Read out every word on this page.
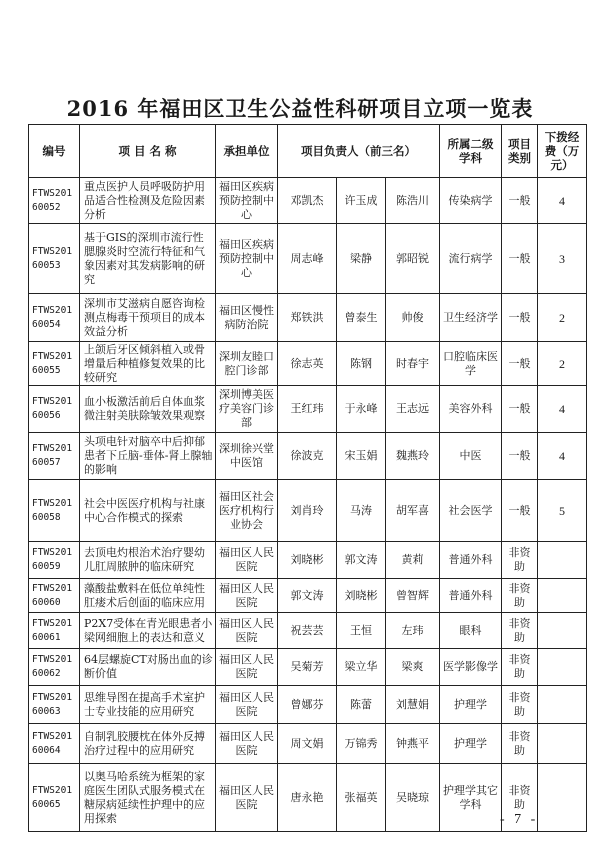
2016 年福田区卫生公益性科研项目立项一览表
编号	项 目 名 称	承担单位	项目负责人（前三名）			所属二级学科	项目类别	下拨经费（万元）

FTWS201
60052	重点医护人员呼吸防护用品适合性检测及危险因素分析	福田区疾病预防控制中心	邓凯杰	许玉成	陈浩川	传染病学	一般	4

FTWS201
60053	基于GIS的深圳市流行性腮腺炎时空流行特征和气象因素对其发病影响的研究	福田区疾病预防控制中心	周志峰	梁静	郭昭锐	流行病学	一般	3

FTWS201
60054	深圳市艾滋病自愿咨询检测点梅毒干预项目的成本效益分析	福田区慢性病防治院	郑铁洪	曾泰生	帅俊	卫生经济学	一般	2

FTWS201
60055	上颌后牙区倾斜植入或骨增量后种植修复效果的比较研究	深圳友睦口腔门诊部	徐志英	陈钢	时春宇	口腔临床医学	一般	2

FTWS201
60056	血小板激活前后自体血浆微注射美肤除皱效果观察	深圳博美医疗美容门诊部	王红玮	于永峰	王志远	美容外科	一般	4

FTWS201
60057	头项电针对脑卒中后抑郁患者下丘脑-垂体-肾上腺轴的影响	深圳徐兴堂中医馆	徐波克	宋玉娟	魏燕玲	中医	一般	4

FTWS201
60058	社会中医医疗机构与社康中心合作模式的探索	福田区社会医疗机构行业协会	刘肖玲	马涛	胡军喜	社会医学	一般	5

FTWS201
60059	去顶电灼根治术治疗婴幼儿肛周脓肿的临床研究	福田区人民医院	刘晓彬	郭文涛	黄莉	普通外科	非资助	

FTWS201
60060	藻酸盐敷料在低位单纯性肛瘘术后创面的临床应用	福田区人民医院	郭文涛	刘晓彬	曾智辉	普通外科	非资助	

FTWS201
60061	P2X7受体在青光眼患者小梁网细胞上的表达和意义	福田区人民医院	祝芸芸	王恒	左玮	眼科	非资助	

FTWS201
60062	64层螺旋CT对肠出血的诊断价值	福田区人民医院	吴菊芳	梁立华	梁爽	医学影像学	非资助	

FTWS201
60063	思维导图在提高手术室护士专业技能的应用研究	福田区人民医院	曾娜芬	陈蕾	刘慧娟	护理学	非资助	

FTWS201
60064	自制乳胶腰枕在体外反搏治疗过程中的应用研究	福田区人民医院	周文娟	万锦秀	钟燕平	护理学	非资助	

FTWS201
60065	以奥马哈系统为框架的家庭医生团队式服务模式在糖尿病延续性护理中的应用探索	福田区人民医院	唐永艳	张福英	吴晓琼	护理学其它学科	非资助	
- 7 -
